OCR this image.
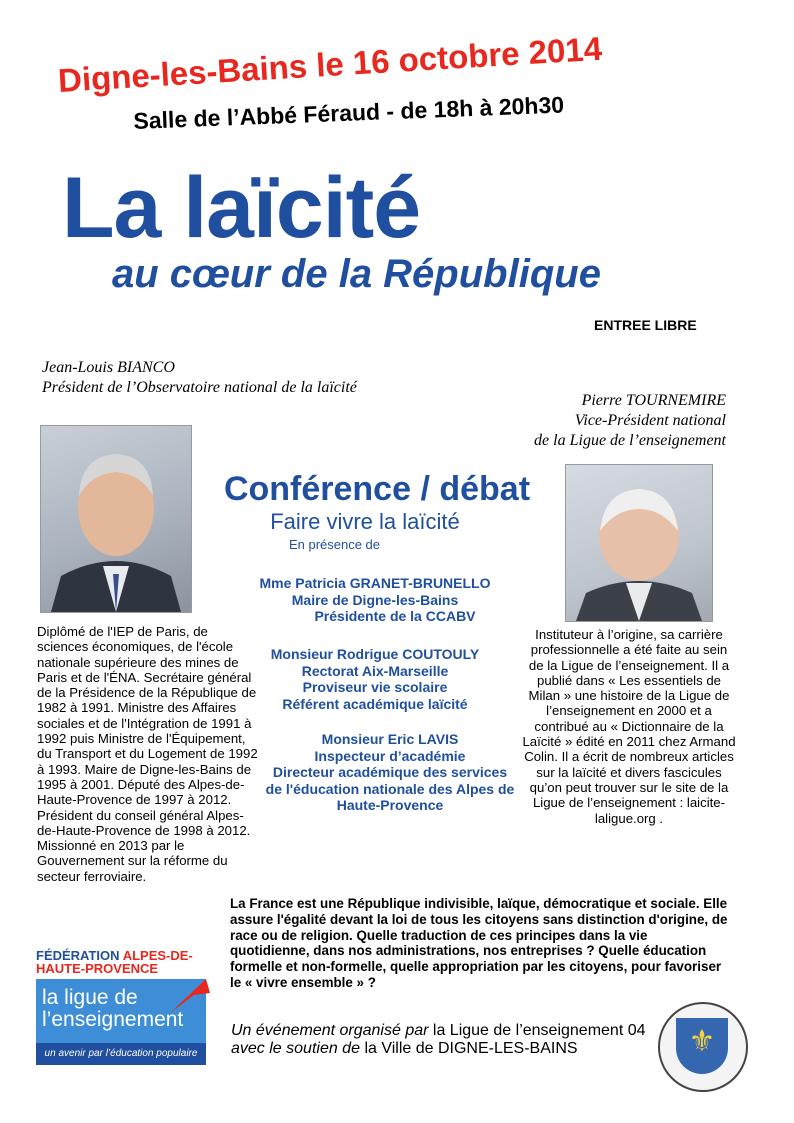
Digne-les-Bains le 16 octobre 2014
Salle de l’Abbé Féraud - de 18h à 20h30
La laïcité
au cœur de la République
ENTREE LIBRE
Jean-Louis BIANCO
Président de l’Observatoire national de la laïcité
Pierre TOURNEMIRE
Vice-Président national
de la Ligue de l’enseignement
Conférence / débat
Faire vivre la laïcité
En présence de
Mme Patricia GRANET-BRUNELLO
Maire de Digne-les-Bains
Présidente de la CCABV
Monsieur Rodrigue COUTOULY
Rectorat Aix-Marseille
Proviseur vie scolaire
Référent académique laïcité
Monsieur Eric LAVIS
Inspecteur d’académie
Directeur académique des services
de l'éducation nationale des Alpes de
Haute-Provence
Diplômé de l'IEP de Paris, de sciences économiques, de l'école nationale supérieure des mines de Paris et de l'ÉNA. Secrétaire général de la Présidence de la République de 1982 à 1991. Ministre des Affaires sociales et de l'Intégration de 1991 à 1992 puis Ministre de l'Équipement, du Transport et du Logement de 1992 à 1993. Maire de Digne-les-Bains de 1995 à 2001. Député des Alpes-de-Haute-Provence de 1997 à 2012. Président du conseil général Alpes-de-Haute-Provence de 1998 à 2012. Missionné en 2013 par le Gouvernement sur la réforme du secteur ferroviaire.
Instituteur à l’origine, sa carrière professionnelle a été faite au sein de la Ligue de l’enseignement. Il a publié dans « Les essentiels de Milan » une histoire de la Ligue de l’enseignement en 2000 et a contribué au « Dictionnaire de la Laïcité » édité en 2011 chez Armand Colin. Il a écrit de nombreux articles sur la laïcité et divers fascicules qu’on peut trouver sur le site de la Ligue de l’enseignement : laicite-laligue.org .
La France est une République indivisible, laïque, démocratique et sociale. Elle assure l'égalité devant la loi de tous les citoyens sans distinction d'origine, de race ou de religion. Quelle traduction de ces principes dans la vie quotidienne, dans nos administrations, nos entreprises ? Quelle éducation formelle et non-formelle, quelle appropriation par les citoyens, pour favoriser le « vivre ensemble » ?
FÉDÉRATION ALPES-DE-
HAUTE-PROVENCE
la ligue de
l’enseignement
un avenir par l’éducation populaire
Un événement organisé par la Ligue de l’enseignement 04
avec le soutien de la Ville de DIGNE-LES-BAINS	⚜
